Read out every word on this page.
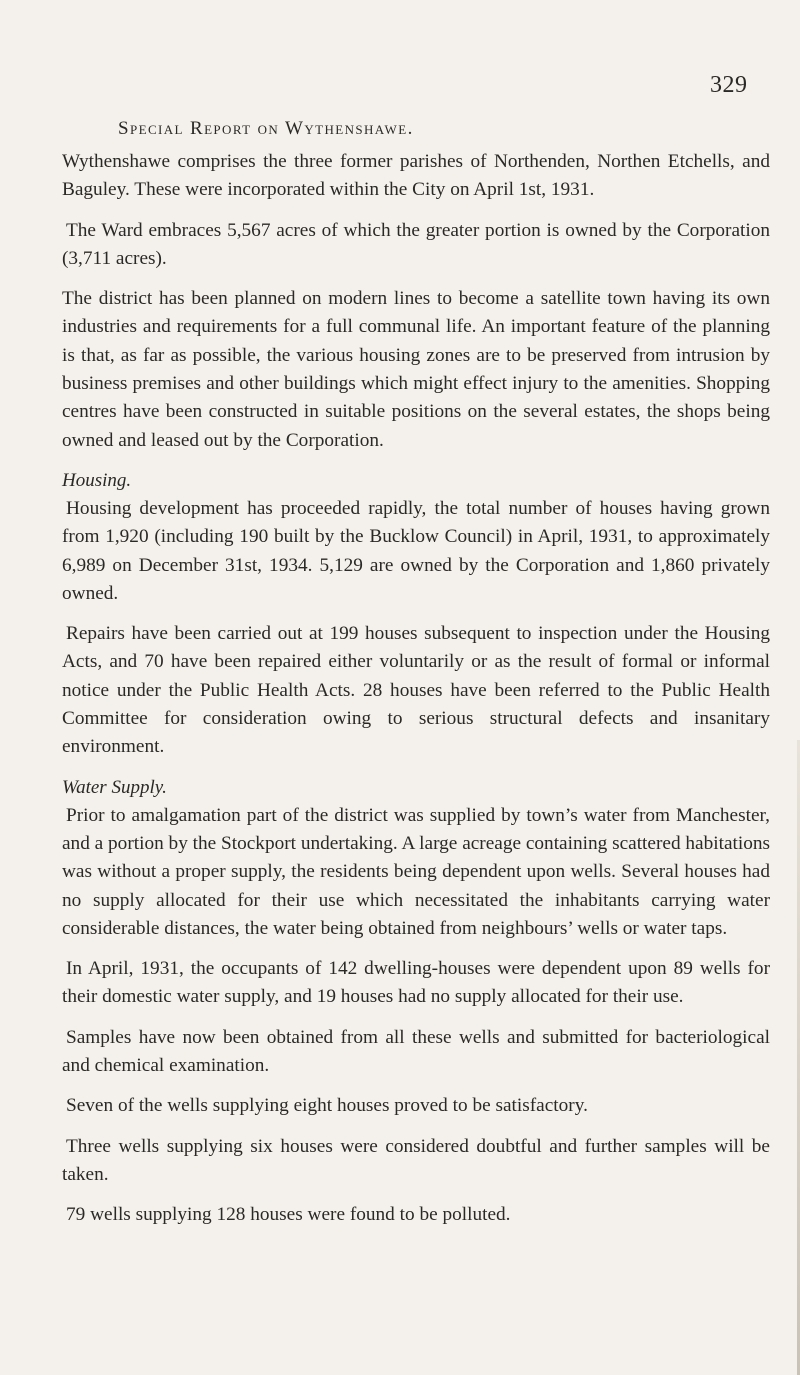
329
Special Report on Wythenshawe.

Wythenshawe comprises the three former parishes of Northenden, Northen Etchells, and Baguley. These were incorporated within the City on April 1st, 1931.

The Ward embraces 5,567 acres of which the greater portion is owned by the Corporation (3,711 acres).

The district has been planned on modern lines to become a satellite town having its own industries and requirements for a full communal life. An important feature of the planning is that, as far as possible, the various housing zones are to be preserved from intrusion by business premises and other buildings which might effect injury to the amenities. Shopping centres have been constructed in suitable positions on the several estates, the shops being owned and leased out by the Corporation.

Housing.

Housing development has proceeded rapidly, the total number of houses having grown from 1,920 (including 190 built by the Bucklow Council) in April, 1931, to approximately 6,989 on December 31st, 1934. 5,129 are owned by the Corporation and 1,860 privately owned.

Repairs have been carried out at 199 houses subsequent to inspection under the Housing Acts, and 70 have been repaired either voluntarily or as the result of formal or informal notice under the Public Health Acts. 28 houses have been referred to the Public Health Committee for consideration owing to serious structural defects and insanitary environment.

Water Supply.

Prior to amalgamation part of the district was supplied by town’s water from Manchester, and a portion by the Stockport undertaking. A large acreage containing scattered habitations was without a proper supply, the residents being dependent upon wells. Several houses had no supply allocated for their use which necessitated the inhabitants carrying water considerable distances, the water being obtained from neighbours’ wells or water taps.

In April, 1931, the occupants of 142 dwelling-houses were dependent upon 89 wells for their domestic water supply, and 19 houses had no supply allocated for their use.

Samples have now been obtained from all these wells and submitted for bacteriological and chemical examination.

Seven of the wells supplying eight houses proved to be satisfactory.

Three wells supplying six houses were considered doubtful and further samples will be taken.

79 wells supplying 128 houses were found to be polluted.
